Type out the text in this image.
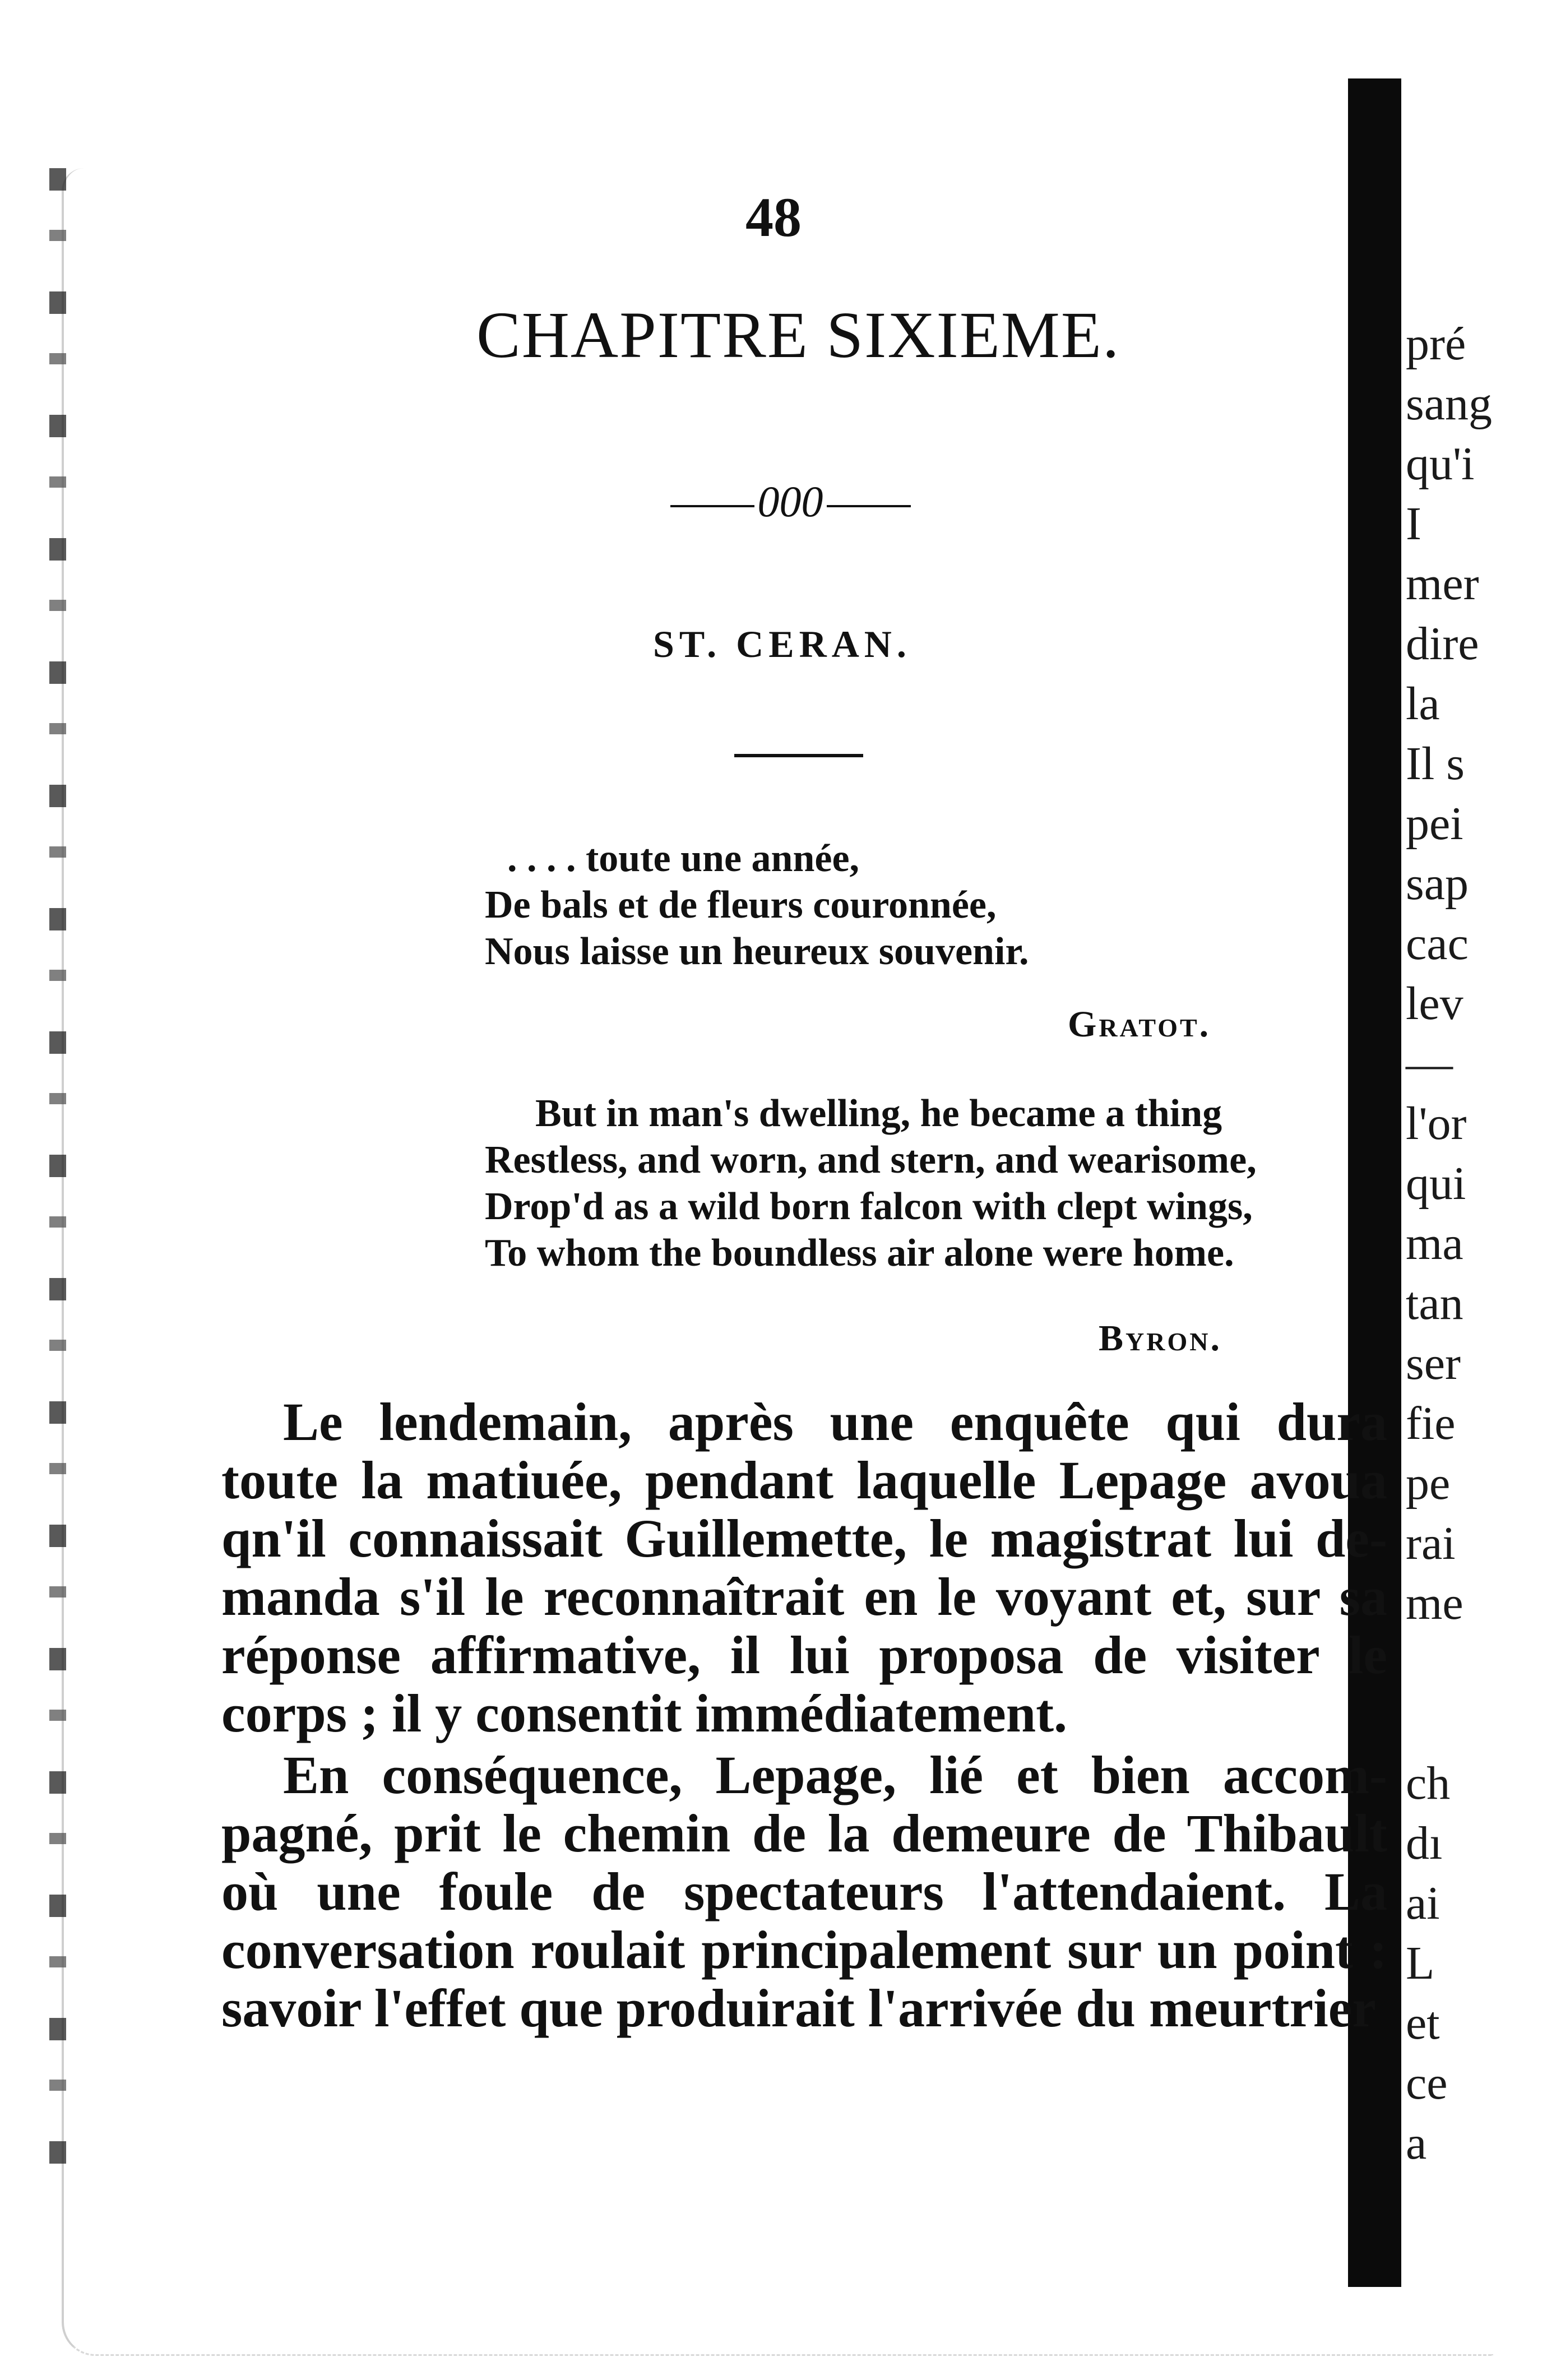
48
CHAPITRE SIXIEME.
000
ST. CERAN.
. . . . toute une année,
De bals et de fleurs couronnée,
Nous laisse un heureux souvenir.
Gratot.
But in man's dwelling, he became a thing
Restless, and worn, and stern, and wearisome,
Drop'd as a wild born falcon with clept wings,
To whom the boundless air alone were home.
Byron.
Le lendemain, après une enquête qui dura
toute la matiuée, pendant laquelle Lepage avoua
qn'il connaissait Guillemette, le magistrat lui de-
manda s'il le reconnaîtrait en le voyant et, sur sa
réponse affirmative, il lui proposa de visiter le
corps ; il y consentit immédiatement.
En conséquence, Lepage, lié et bien accom-
pagné, prit le chemin de la demeure de Thibault
où une foule de spectateurs l'attendaient. La
conversation roulait principalement sur un point :
savoir l'effet que produirait l'arrivée du meurtrier
pré
sang
qu'i
I
mer
dire
la
Il s
pei
sap
cac
lev
—
l'or
qui
ma
tan
ser
fie
pe
rai
me
ch
dı
ai
L
et
ce
a
